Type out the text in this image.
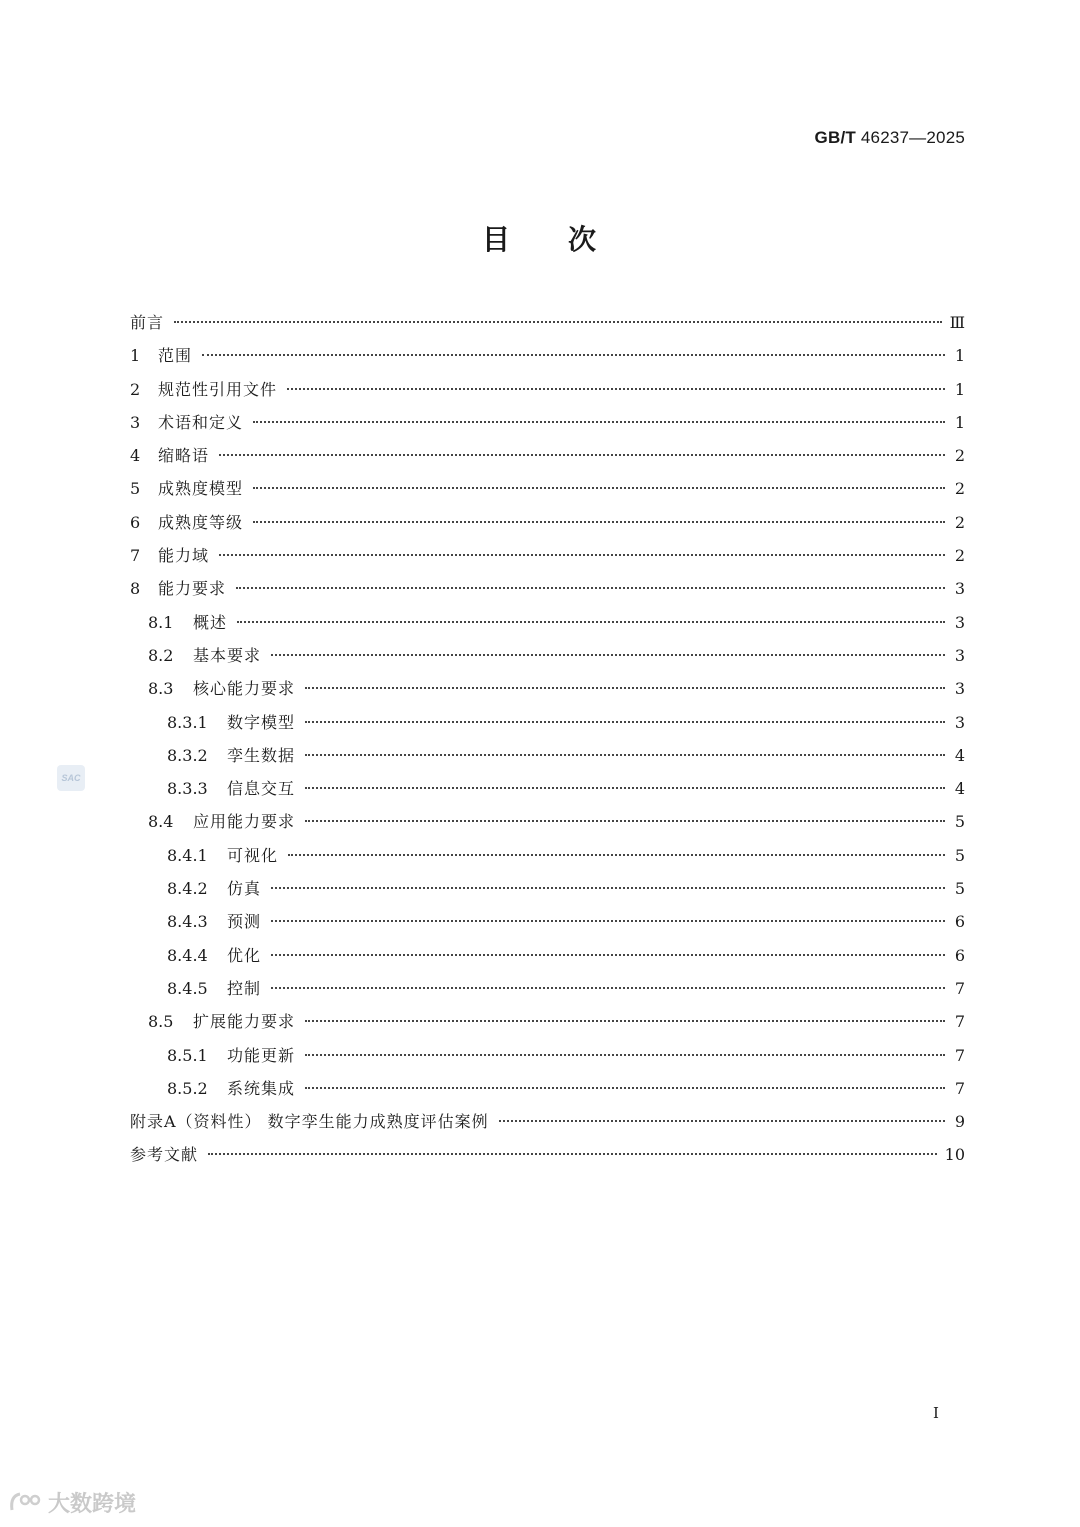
GB/T 46237—2025
目 次
前言	Ⅲ
1	范围	1
2	规范性引用文件	1
3	术语和定义	1
4	缩略语	2
5	成熟度模型	2
6	成熟度等级	2
7	能力域	2
8	能力要求	3
8.1	概述	3
8.2	基本要求	3
8.3	核心能力要求	3
8.3.1	数字模型	3
8.3.2	孪生数据	4
8.3.3	信息交互	4
8.4	应用能力要求	5
8.4.1	可视化	5
8.4.2	仿真	5
8.4.3	预测	6
8.4.4	优化	6
8.4.5	控制	7
8.5	扩展能力要求	7
8.5.1	功能更新	7
8.5.2	系统集成	7
附录A（资料性） 数字孪生能力成熟度评估案例	9
参考文献	10
SAC
I
大数跨境
